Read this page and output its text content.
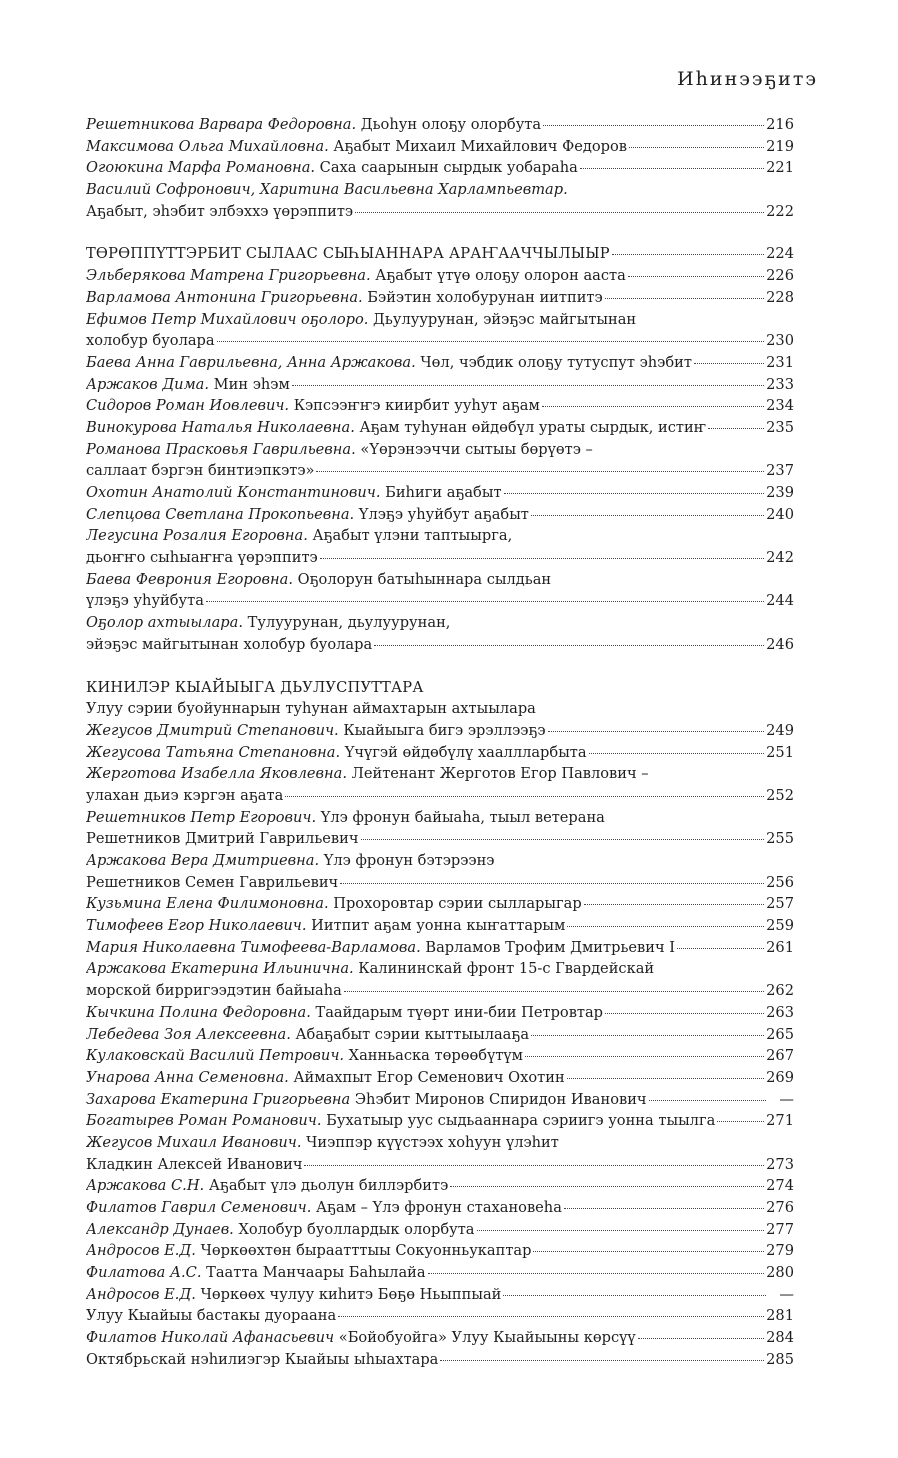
Иһинээҕитэ
Решетникова Варвара Федоровна. Дьоһун олоҕу олорбута	216
Максимова Ольга Михайловна. Аҕабыт Михаил Михайлович Федоров	219
Огоюкина Марфа Романовна. Саха саарынын сырдык уобараһа	221
Василий Софронович, Харитина Васильевна Харлампьевтар.
Аҕабыт, эһэбит элбэххэ үөрэппитэ	222
ТӨРӨППҮТТЭРБИТ СЫЛААС СЫҺЫАННАРА АРАҤААЧЧЫЛЫЫР	224
Эльберякова Матрена Григорьевна. Аҕабыт үтүө олоҕу олорон ааста	226
Варламова Антонина Григорьевна. Бэйэтин холобурунан иитпитэ	228
Ефимов Петр Михайлович оҕолоро. Дьулуурунан, эйэҕэс майгытынан
холобур буолара	230
Баева Анна Гаврильевна, Анна Аржакова. Чөл, чэбдик олоҕу тутуспут эһэбит	231
Аржаков Дима. Мин эһэм	233
Сидоров Роман Иовлевич. Кэпсээҥҥэ киирбит ууһут аҕам	234
Винокурова Наталья Николаевна. Аҕам туһунан өйдөбүл ураты сырдык, истиҥ	235
Романова Прасковья Гаврильевна. «Үөрэнээччи сытыы бөрүөтэ –
саллаат бэргэн бинтиэпкэтэ»	237
Охотин Анатолий Константинович. Биһиги аҕабыт	239
Слепцова Светлана Прокопьевна. Үлэҕэ уһуйбут аҕабыт	240
Легусина Розалия Егоровна. Аҕабыт үлэни таптыырга,
дьоҥҥо сыһыаҥҥа үөрэппитэ	242
Баева Феврония Егоровна. Оҕолорун батыһыннара сылдьан
үлэҕэ уһуйбута	244
Оҕолор ахтыылара. Тулуурунан, дьулуурунан,
эйэҕэс майгытынан холобур буолара	246
КИНИЛЭР КЫАЙЫЫГА ДЬУЛУСПУТТАРА
Улуу сэрии буойуннарын туһунан аймахтарын ахтыылара
Жегусов Дмитрий Степанович. Кыайыыга бигэ эрэллээҕэ	249
Жегусова Татьяна Степановна. Үчүгэй өйдөбүлү хааллларбыта	251
Жерготова Изабелла Яковлевна. Лейтенант Жерготов Егор Павлович –
улахан дьиэ кэргэн аҕата	252
Решетников Петр Егорович. Үлэ фронун байыаһа, тыыл ветерана
Решетников Дмитрий Гаврильевич	255
Аржакова Вера Дмитриевна. Үлэ фронун бэтэрээнэ
Решетников Семен Гаврильевич	256
Кузьмина Елена Филимоновна. Прохоровтар сэрии сылларыгар	257
Тимофеев Егор Николаевич. Иитпит аҕам уонна кыҥаттарым	259
Мария Николаевна Тимофеева-Варламова. Варламов Трофим Дмитрьевич I	261
Аржакова Екатерина Ильинична. Калининскай фронт 15-с Гвардейскай
морской бирригээдэтин байыаһа	262
Кычкина Полина Федоровна. Таайдарым түөрт ини-бии Петровтар	263
Лебедева Зоя Алексеевна. Абаҕабыт сэрии кыттыылааҕа	265
Кулаковскай Василий Петрович. Ханньаска төрөөбүтүм	267
Унарова Анна Семеновна. Аймахпыт Егор Семенович Охотин	269
Захарова Екатерина Григорьевна Эһэбит Миронов Спиридон Иванович	—
Богатырев Роман Романович. Бухатыыр уус сыдьааннара сэриигэ уонна тыылга	271
Жегусов Михаил Иванович. Чиэппэр күүстээх хоһуун үлэһит
Кладкин Алексей Иванович	273
Аржакова С.Н. Аҕабыт үлэ дьолун биллэрбитэ	274
Филатов Гаврил Семенович. Аҕам – Үлэ фронун стахановеһа	276
Александр Дунаев. Холобур буоллардык олорбута	277
Андросов Е.Д. Чөркөөхтөн быраатттыы Сокуонньукаптар	279
Филатова А.С. Таатта Манчаары Баһылайа	280
Андросов Е.Д. Чөркөөх чулуу киһитэ Бөҕө Ньыппыай	—
Улуу Кыайыы бастакы дуораана	281
Филатов Николай Афанасьевич «Бойобуойга» Улуу Кыайыыны көрсүү	284
Октябрьскай нэһилиэгэр Кыайыы ыһыахтара	285
